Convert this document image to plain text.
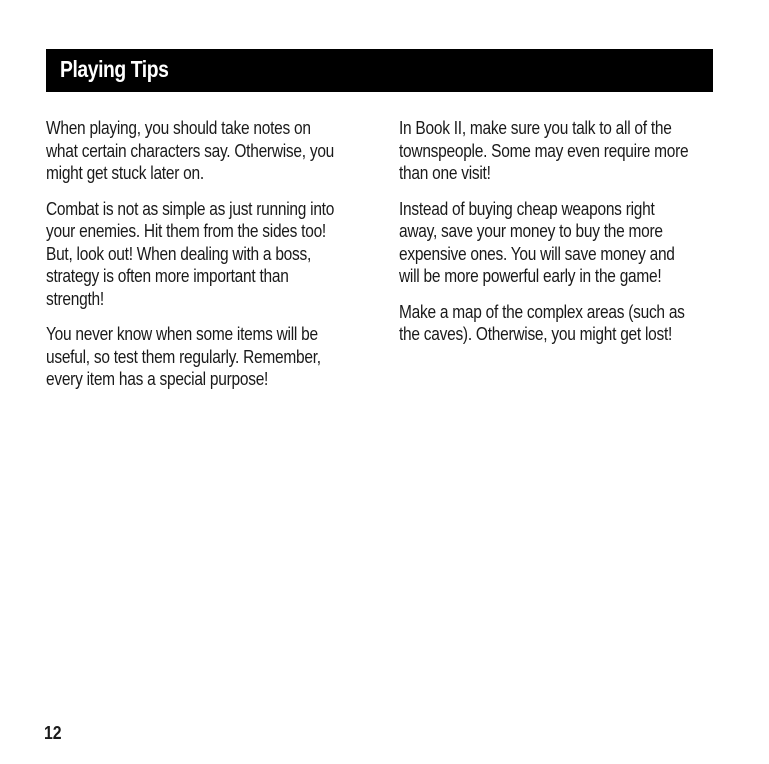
Playing Tips

When playing, you should take notes on
what certain characters say. Otherwise, you
might get stuck later on.

Combat is not as simple as just running into
your enemies. Hit them from the sides too!
But, look out! When dealing with a boss,
strategy is often more important than
strength!

You never know when some items will be
useful, so test them regularly. Remember,
every item has a special purpose!

In Book II, make sure you talk to all of the
townspeople. Some may even require more
than one visit!

Instead of buying cheap weapons right
away, save your money to buy the more
expensive ones. You will save money and
will be more powerful early in the game!

Make a map of the complex areas (such as
the caves). Otherwise, you might get lost!

12
